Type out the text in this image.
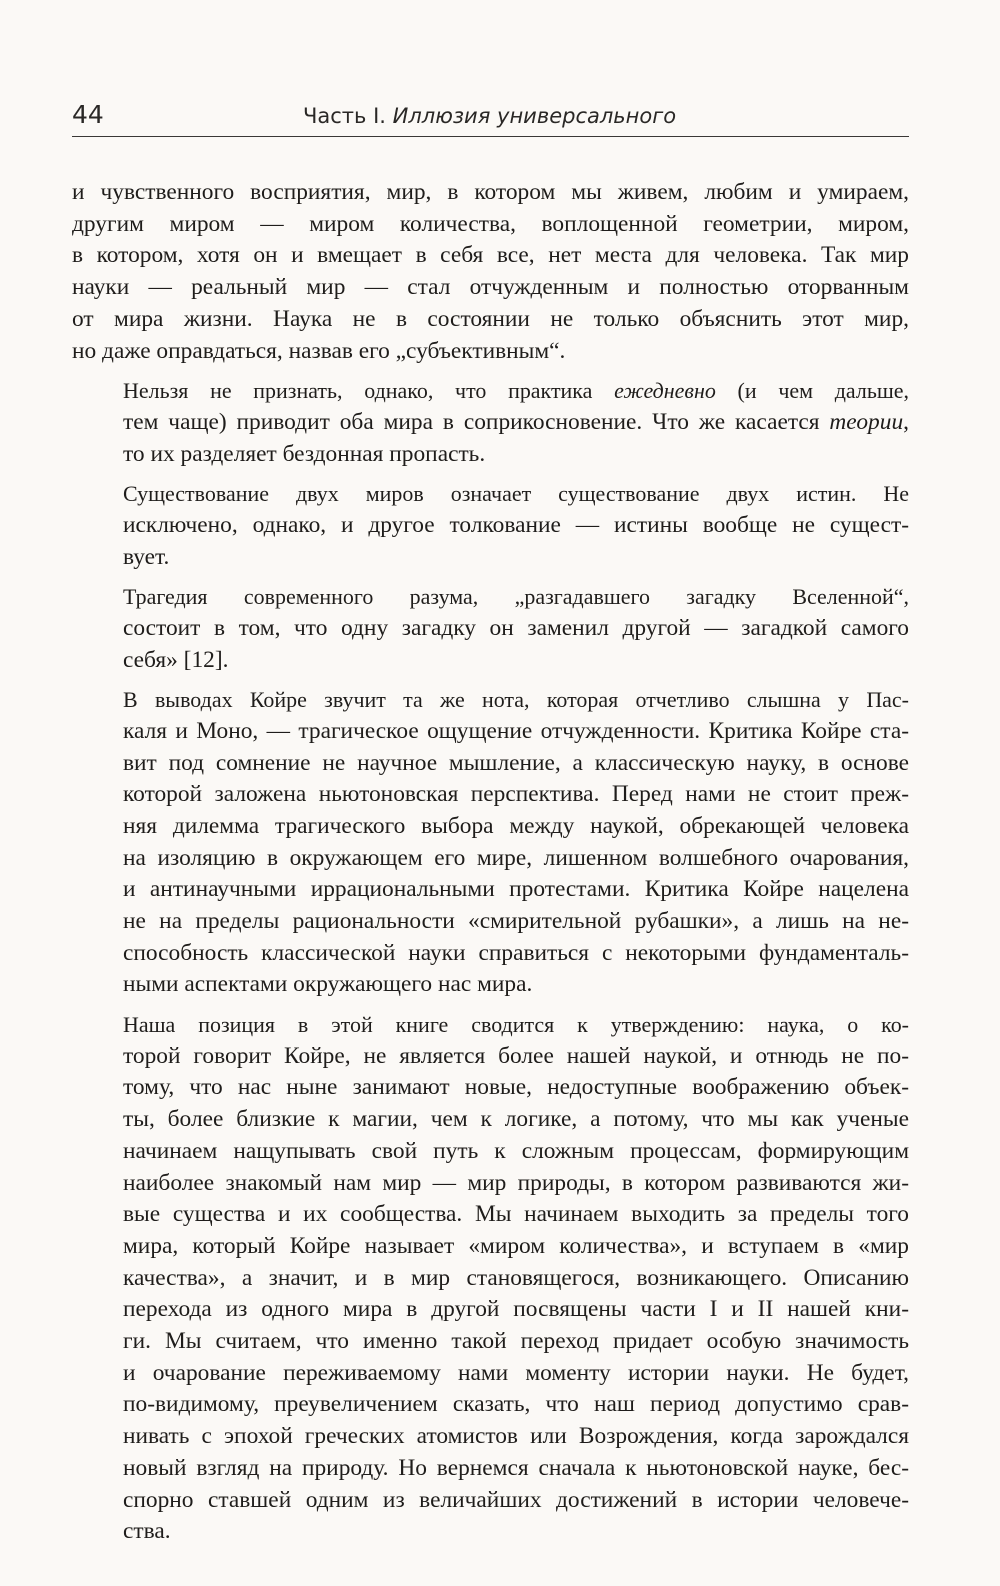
44	Часть I. Иллюзия универсального

и чувственного восприятия, мир, в котором мы живем, любим и умираем,
другим миром — миром количества, воплощенной геометрии, миром,
в котором, хотя он и вмещает в себя все, нет места для человека. Так мир
науки — реальный мир — стал отчужденным и полностью оторванным
от мира жизни. Наука не в состоянии не только объяснить этот мир,
но даже оправдаться, назвав его „субъективным“.

Нельзя не признать, однако, что практика ежедневно (и чем дальше,
тем чаще) приводит оба мира в соприкосновение. Что же касается теории,
то их разделяет бездонная пропасть.

Существование двух миров означает существование двух истин. Не
исключено, однако, и другое толкование — истины вообще не сущест-
вует.

Трагедия современного разума, „разгадавшего загадку Вселенной“,
состоит в том, что одну загадку он заменил другой — загадкой самого
себя» [12].

В выводах Койре звучит та же нота, которая отчетливо слышна у Пас-
каля и Моно, — трагическое ощущение отчужденности. Критика Койре ста-
вит под сомнение не научное мышление, а классическую науку, в основе
которой заложена ньютоновская перспектива. Перед нами не стоит преж-
няя дилемма трагического выбора между наукой, обрекающей человека
на изоляцию в окружающем его мире, лишенном волшебного очарования,
и антинаучными иррациональными протестами. Критика Койре нацелена
не на пределы рациональности «смирительной рубашки», а лишь на не-
способность классической науки справиться с некоторыми фундаменталь-
ными аспектами окружающего нас мира.

Наша позиция в этой книге сводится к утверждению: наука, о ко-
торой говорит Койре, не является более нашей наукой, и отнюдь не по-
тому, что нас ныне занимают новые, недоступные воображению объек-
ты, более близкие к магии, чем к логике, а потому, что мы как ученые
начинаем нащупывать свой путь к сложным процессам, формирующим
наиболее знакомый нам мир — мир природы, в котором развиваются жи-
вые существа и их сообщества. Мы начинаем выходить за пределы того
мира, который Койре называет «миром количества», и вступаем в «мир
качества», а значит, и в мир становящегося, возникающего. Описанию
перехода из одного мира в другой посвящены части I и II нашей кни-
ги. Мы считаем, что именно такой переход придает особую значимость
и очарование переживаемому нами моменту истории науки. Не будет,
по-видимому, преувеличением сказать, что наш период допустимо срав-
нивать с эпохой греческих атомистов или Возрождения, когда зарождался
новый взгляд на природу. Но вернемся сначала к ньютоновской науке, бес-
спорно ставшей одним из величайших достижений в истории человече-
ства.
